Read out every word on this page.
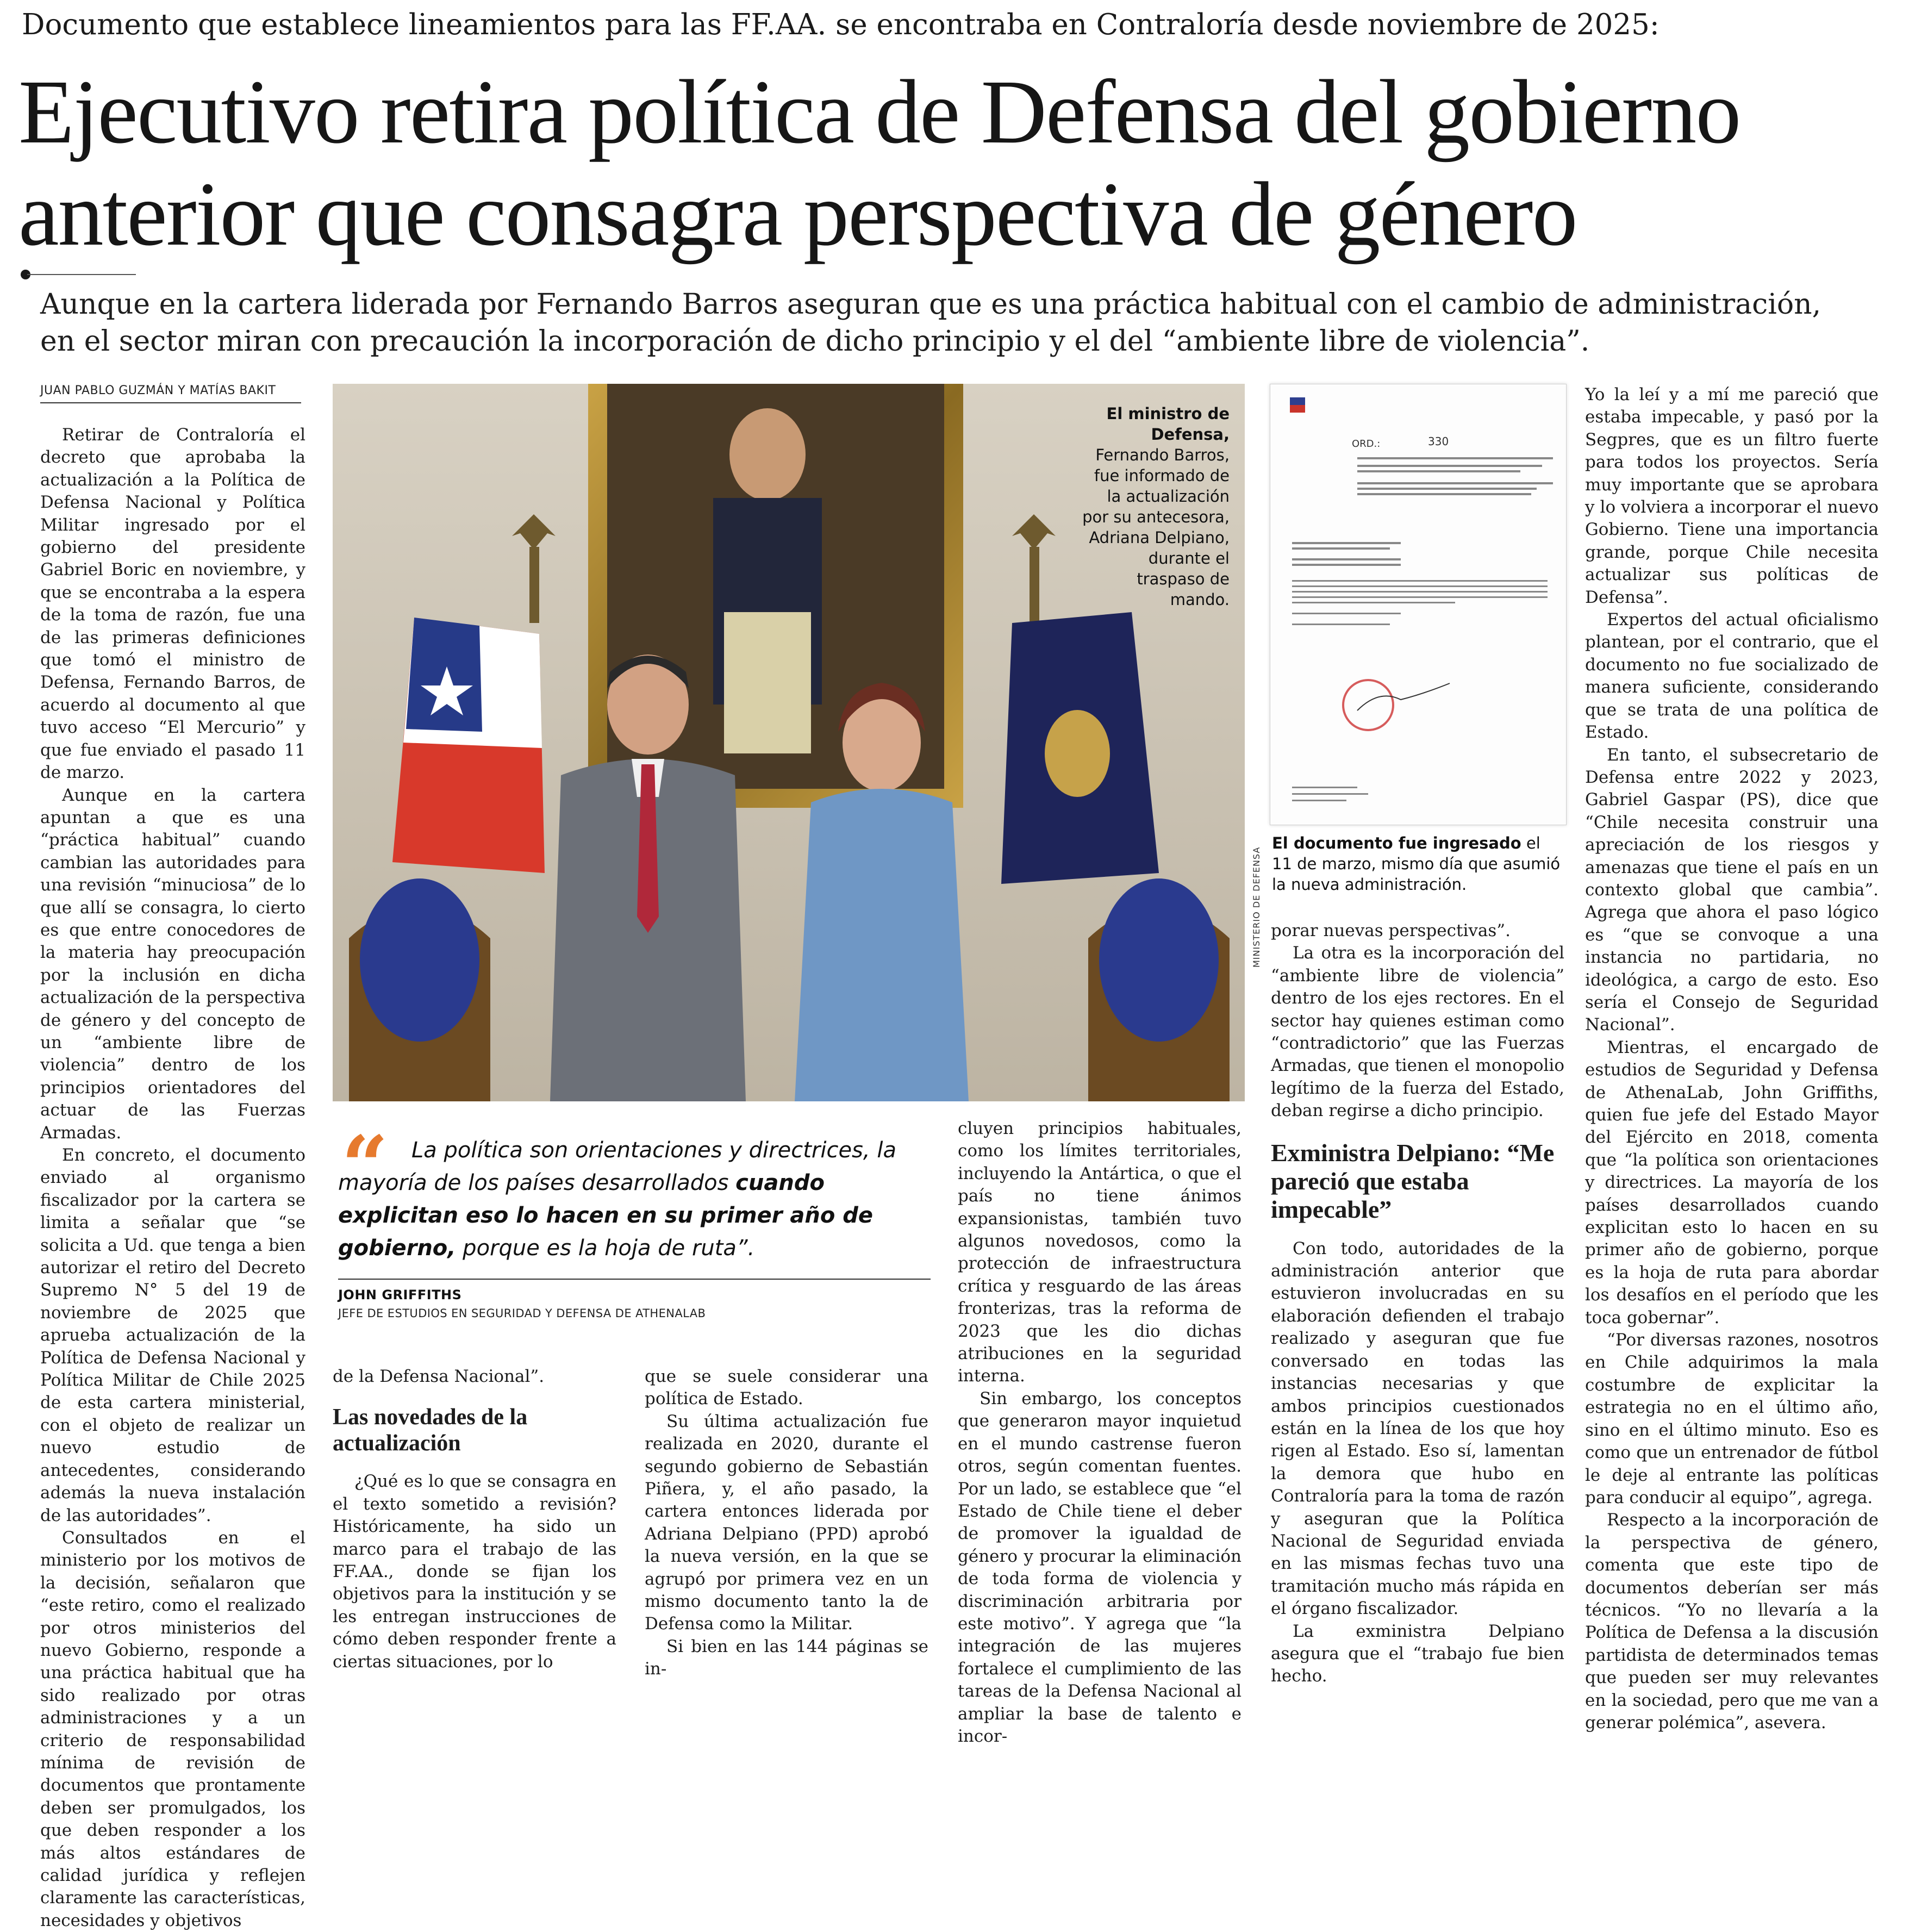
Documento que establece lineamientos para las FF.AA. se encontraba en Contraloría desde noviembre de 2025:
Ejecutivo retira política de Defensa del gobierno
anterior que consagra perspectiva de género
Aunque en la cartera liderada por Fernando Barros aseguran que es una práctica habitual con el cambio de administración, en el sector miran con precaución la incorporación de dicho principio y el del “ambiente libre de violencia”.
JUAN PABLO GUZMÁN Y MATÍAS BAKIT

Retirar de Contraloría el decreto que aprobaba la actualización a la Política de Defensa Nacional y Política Militar ingresado por el gobierno del presidente Gabriel Boric en noviembre, y que se encontraba a la espera de la toma de razón, fue una de las primeras definiciones que tomó el ministro de Defensa, Fernando Barros, de acuerdo al documento al que tuvo acceso “El Mercurio” y que fue enviado el pasado 11 de marzo.

Aunque en la cartera apuntan a que es una “práctica habitual” cuando cambian las autoridades para una revisión “minuciosa” de lo que allí se consagra, lo cierto es que entre conocedores de la materia hay preocupación por la inclusión en dicha actualización de la perspectiva de género y del concepto de un “ambiente libre de violencia” dentro de los principios orientadores del actuar de las Fuerzas Armadas.

En concreto, el documento enviado al organismo fiscalizador por la cartera se limita a señalar que “se solicita a Ud. que tenga a bien autorizar el retiro del Decreto Supremo N° 5 del 19 de noviembre de 2025 que aprueba actualización de la Política de Defensa Nacional y Política Militar de Chile 2025 de esta cartera ministerial, con el objeto de realizar un nuevo estudio de antecedentes, considerando además la nueva instalación de las autoridades”.

Consultados en el ministerio por los motivos de la decisión, señalaron que “este retiro, como el realizado por otros ministerios del nuevo Gobierno, responde a una práctica habitual que ha sido realizado por otras administraciones y a un criterio de responsabilidad mínima de revisión de documentos que prontamente deben ser promulgados, los que deben responder a los más altos estándares de calidad jurídica y reflejen claramente las características, necesidades y objetivos

El ministro de Defensa, Fernando Barros, fue informado de la actualización por su antecesora, Adriana Delpiano, durante el traspaso de mando.
MINISTERIO DE DEFENSA
ORD.:	330
El documento fue ingresado el 11 de marzo, mismo día que asumió la nueva administración.
“	La política son orientaciones y directrices, la mayoría de los países desarrollados cuando explicitan eso lo hacen en su primer año de gobierno, porque es la hoja de ruta”.
JOHN GRIFFITHS
JEFE DE ESTUDIOS EN SEGURIDAD Y DEFENSA DE ATHENALAB

de la Defensa Nacional”.

Las novedades de la actualización

¿Qué es lo que se consagra en el texto sometido a revisión? Históricamente, ha sido un marco para el trabajo de las FF.AA., donde se fijan los objetivos para la institución y se les entregan instrucciones de cómo deben responder frente a ciertas situaciones, por lo

que se suele considerar una política de Estado.

Su última actualización fue realizada en 2020, durante el segundo gobierno de Sebastián Piñera, y, el año pasado, la cartera entonces liderada por Adriana Delpiano (PPD) aprobó la nueva versión, en la que se agrupó por primera vez en un mismo documento tanto la de Defensa como la Militar.

Si bien en las 144 páginas se in-

cluyen principios habituales, como los límites territoriales, incluyendo la Antártica, o que el país no tiene ánimos expansionistas, también tuvo algunos novedosos, como la protección de infraestructura crítica y resguardo de las áreas fronterizas, tras la reforma de 2023 que les dio dichas atribuciones en la seguridad interna.

Sin embargo, los conceptos que generaron mayor inquietud en el mundo castrense fueron otros, según comentan fuentes. Por un lado, se establece que “el Estado de Chile tiene el deber de promover la igualdad de género y procurar la eliminación de toda forma de violencia y discriminación arbitraria por este motivo”. Y agrega que “la integración de las mujeres fortalece el cumplimiento de las tareas de la Defensa Nacional al ampliar la base de talento e incor-

porar nuevas perspectivas”.

La otra es la incorporación del “ambiente libre de violencia” dentro de los ejes rectores. En el sector hay quienes estiman como “contradictorio” que las Fuerzas Armadas, que tienen el monopolio legítimo de la fuerza del Estado, deban regirse a dicho principio.

Exministra Delpiano: “Me pareció que estaba impecable”

Con todo, autoridades de la administración anterior que estuvieron involucradas en su elaboración defienden el trabajo realizado y aseguran que fue conversado en todas las instancias necesarias y que ambos principios cuestionados están en la línea de los que hoy rigen al Estado. Eso sí, lamentan la demora que hubo en Contraloría para la toma de razón y aseguran que la Política Nacional de Seguridad enviada en las mismas fechas tuvo una tramitación mucho más rápida en el órgano fiscalizador.

La exministra Delpiano asegura que el “trabajo fue bien hecho.

Yo la leí y a mí me pareció que estaba impecable, y pasó por la Segpres, que es un filtro fuerte para todos los proyectos. Sería muy importante que se aprobara y lo volviera a incorporar el nuevo Gobierno. Tiene una importancia grande, porque Chile necesita actualizar sus políticas de Defensa”.

Expertos del actual oficialismo plantean, por el contrario, que el documento no fue socializado de manera suficiente, considerando que se trata de una política de Estado.

En tanto, el subsecretario de Defensa entre 2022 y 2023, Gabriel Gaspar (PS), dice que “Chile necesita construir una apreciación de los riesgos y amenazas que tiene el país en un contexto global que cambia”. Agrega que ahora el paso lógico es “que se convoque a una instancia no partidaria, no ideológica, a cargo de esto. Eso sería el Consejo de Seguridad Nacional”.

Mientras, el encargado de estudios de Seguridad y Defensa de AthenaLab, John Griffiths, quien fue jefe del Estado Mayor del Ejército en 2018, comenta que “la política son orientaciones y directrices. La mayoría de los países desarrollados cuando explicitan esto lo hacen en su primer año de gobierno, porque es la hoja de ruta para abordar los desafíos en el período que les toca gobernar”.

“Por diversas razones, nosotros en Chile adquirimos la mala costumbre de explicitar la estrategia no en el último año, sino en el último minuto. Eso es como que un entrenador de fútbol le deje al entrante las políticas para conducir al equipo”, agrega.

Respecto a la incorporación de la perspectiva de género, comenta que este tipo de documentos deberían ser más técnicos. “Yo no llevaría a la Política de Defensa a la discusión partidista de determinados temas que pueden ser muy relevantes en la sociedad, pero que me van a generar polémica”, asevera.
